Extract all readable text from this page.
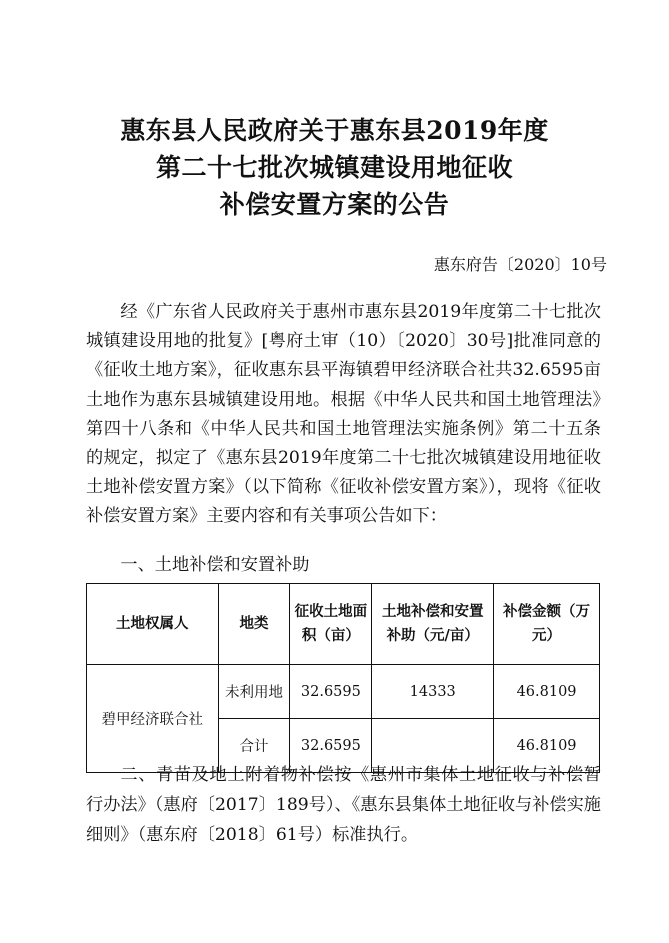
惠东县人民政府关于惠东县2019年度
第二十七批次城镇建设用地征收
补偿安置方案的公告
惠东府告〔2020〕10号

经《广东省人民政府关于惠州市惠东县2019年度第二十七批次城镇建设用地的批复》[粤府土审（10）〔2020〕30号]批准同意的《征收土地方案》，征收惠东县平海镇碧甲经济联合社共32.6595亩土地作为惠东县城镇建设用地。根据《中华人民共和国土地管理法》第四十八条和《中华人民共和国土地管理法实施条例》第二十五条的规定，拟定了《惠东县2019年度第二十七批次城镇建设用地征收土地补偿安置方案》（以下简称《征收补偿安置方案》），现将《征收补偿安置方案》主要内容和有关事项公告如下：

一、土地补偿和安置补助
土地权属人	地类	征收土地面积（亩）	土地补偿和安置补助（元/亩）	补偿金额（万元）
碧甲经济联合社	未利用地	32.6595	14333	46.8109
	合计	32.6595		46.8109

二、青苗及地上附着物补偿按《惠州市集体土地征收与补偿暂行办法》（惠府〔2017〕189号）、《惠东县集体土地征收与补偿实施细则》（惠东府〔2018〕61号）标准执行。
